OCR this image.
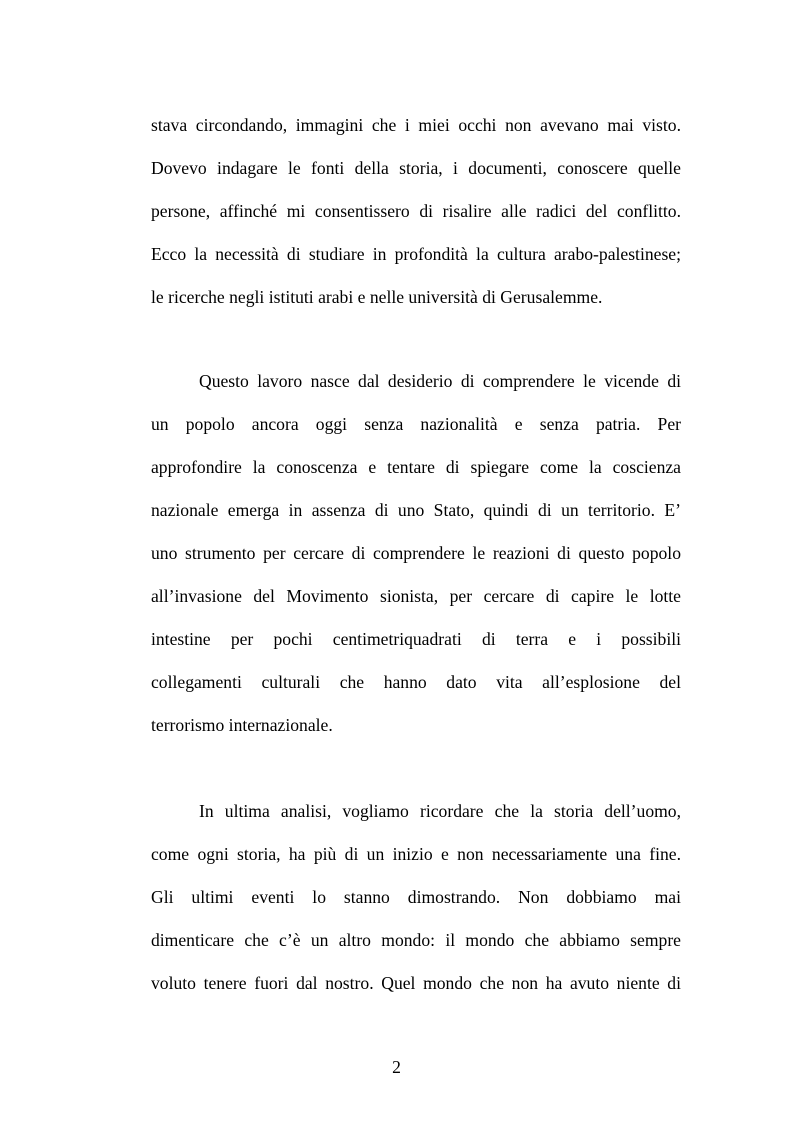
stava circondando, immagini che i miei occhi non avevano mai visto.
Dovevo indagare le fonti della storia, i documenti, conoscere quelle
persone, affinché mi consentissero di risalire alle radici del conflitto.
Ecco la necessità di studiare in profondità la cultura arabo-palestinese;
le ricerche negli istituti arabi e nelle università di Gerusalemme.
Questo lavoro nasce dal desiderio di comprendere le vicende di
un popolo ancora oggi senza nazionalità e senza patria. Per
approfondire la conoscenza e tentare di spiegare come la coscienza
nazionale emerga in assenza di uno Stato, quindi di un territorio. E’
uno strumento per cercare di comprendere le reazioni di questo popolo
all’invasione del Movimento sionista, per cercare di capire le lotte
intestine per pochi centimetriquadrati di terra e i possibili
collegamenti culturali che hanno dato vita all’esplosione del
terrorismo internazionale.
In ultima analisi, vogliamo ricordare che la storia dell’uomo,
come ogni storia, ha più di un inizio e non necessariamente una fine.
Gli ultimi eventi lo stanno dimostrando. Non dobbiamo mai
dimenticare che c’è un altro mondo: il mondo che abbiamo sempre
voluto tenere fuori dal nostro. Quel mondo che non ha avuto niente di
2
